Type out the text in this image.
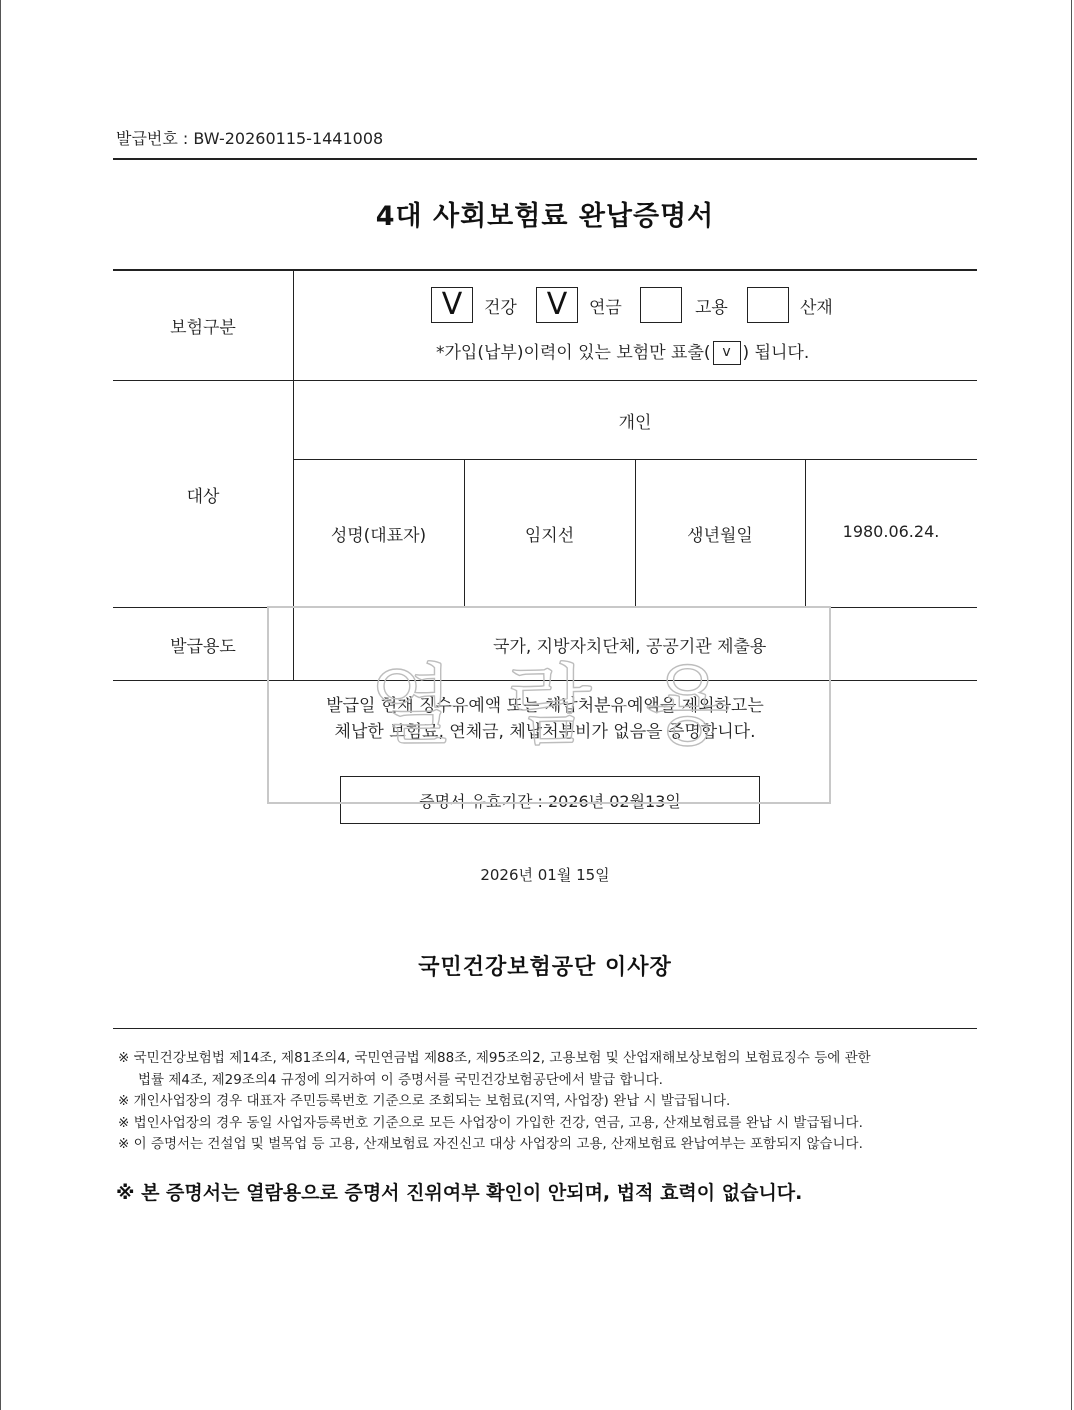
발급번호 : BW-20260115-1441008
4대 사회보험료 완납증명서
보험구분
V	건강 V	연금	고용	산재
*가입(납부)이력이 있는 보험만 표출( v ) 됩니다.
대상
개인
성명(대표자)	임지선	생년월일	1980.06.24.
발급용도	국가, 지방자치단체, 공공기관 제출용
발급일 현재 징수유예액 또는 체납처분유예액을 제외하고는
체납한 보험료, 연체금, 체납처분비가 없음을 증명합니다.
증명서 유효기간 : 2026년 02월13일
열 람 용
2026년 01월 15일
국민건강보험공단 이사장
※ 국민건강보험법 제14조, 제81조의4, 국민연금법 제88조, 제95조의2, 고용보험 및 산업재해보상보험의 보험료징수 등에 관한
법률 제4조, 제29조의4 규정에 의거하여 이 증명서를 국민건강보험공단에서 발급 합니다.
※ 개인사업장의 경우 대표자 주민등록번호 기준으로 조회되는 보험료(지역, 사업장) 완납 시 발급됩니다.
※ 법인사업장의 경우 동일 사업자등록번호 기준으로 모든 사업장이 가입한 건강, 연금, 고용, 산재보험료를 완납 시 발급됩니다.
※ 이 증명서는 건설업 및 벌목업 등 고용, 산재보험료 자진신고 대상 사업장의 고용, 산재보험료 완납여부는 포함되지 않습니다.
※ 본 증명서는 열람용으로 증명서 진위여부 확인이 안되며, 법적 효력이 없습니다.
